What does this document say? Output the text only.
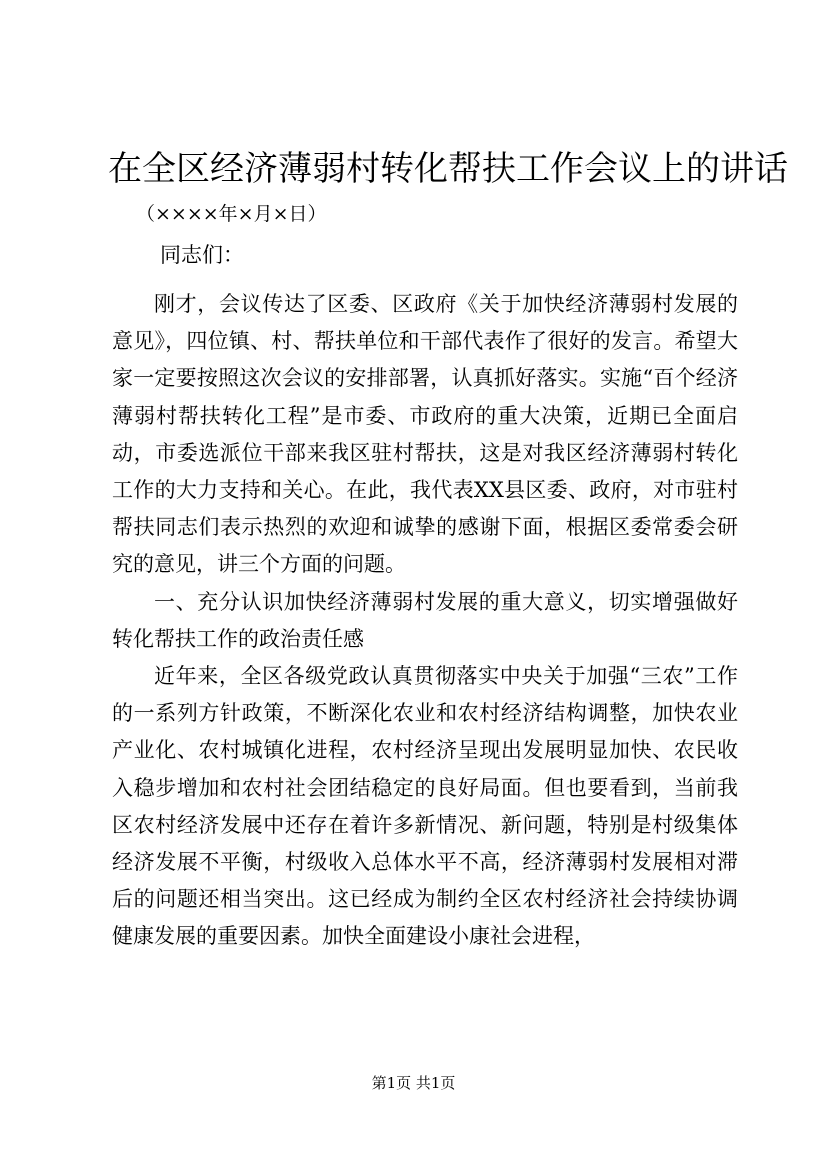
在全区经济薄弱村转化帮扶工作会议上的讲话
（××××年×月×日）
同志们：

刚才，会议传达了区委、区政府《关于加快经济薄弱村发展的意见》，四位镇、村、帮扶单位和干部代表作了很好的发言。希望大家一定要按照这次会议的安排部署，认真抓好落实。实施“百个经济薄弱村帮扶转化工程”是市委、市政府的重大决策，近期已全面启动，市委选派位干部来我区驻村帮扶，这是对我区经济薄弱村转化工作的大力支持和关心。在此，我代表XX县区委、政府，对市驻村帮扶同志们表示热烈的欢迎和诚挚的感谢下面，根据区委常委会研究的意见，讲三个方面的问题。

一、充分认识加快经济薄弱村发展的重大意义，切实增强做好转化帮扶工作的政治责任感

近年来，全区各级党政认真贯彻落实中央关于加强“三农”工作的一系列方针政策，不断深化农业和农村经济结构调整，加快农业产业化、农村城镇化进程，农村经济呈现出发展明显加快、农民收入稳步增加和农村社会团结稳定的良好局面。但也要看到，当前我区农村经济发展中还存在着许多新情况、新问题，特别是村级集体经济发展不平衡，村级收入总体水平不高，经济薄弱村发展相对滞后的问题还相当突出。这已经成为制约全区农村经济社会持续协调健康发展的重要因素。加快全面建设小康社会进程，

第1页 共1页
